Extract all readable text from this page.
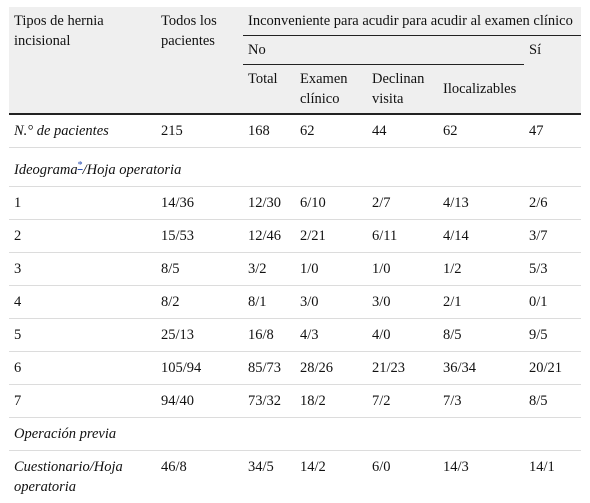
Tipos de hernia incisional	Todos los pacientes	Inconveniente para acudir para acudir al examen clínico				
		No				Sí
		Total	Examen clínico	Declinan visita	Ilocalizables	
N.° de pacientes	215	168	62	44	62	47
Ideograma*/Hoja operatoria						
1	14/36	12/30	6/10	2/7	4/13	2/6
2	15/53	12/46	2/21	6/11	4/14	3/7
3	8/5	3/2	1/0	1/0	1/2	5/3
4	8/2	8/1	3/0	3/0	2/1	0/1
5	25/13	16/8	4/3	4/0	8/5	9/5
6	105/94	85/73	28/26	21/23	36/34	20/21
7	94/40	73/32	18/2	7/2	7/3	8/5
Operación previa						
Cuestionario/Hoja operatoria	46/8	34/5	14/2	6/0	14/3	14/1
